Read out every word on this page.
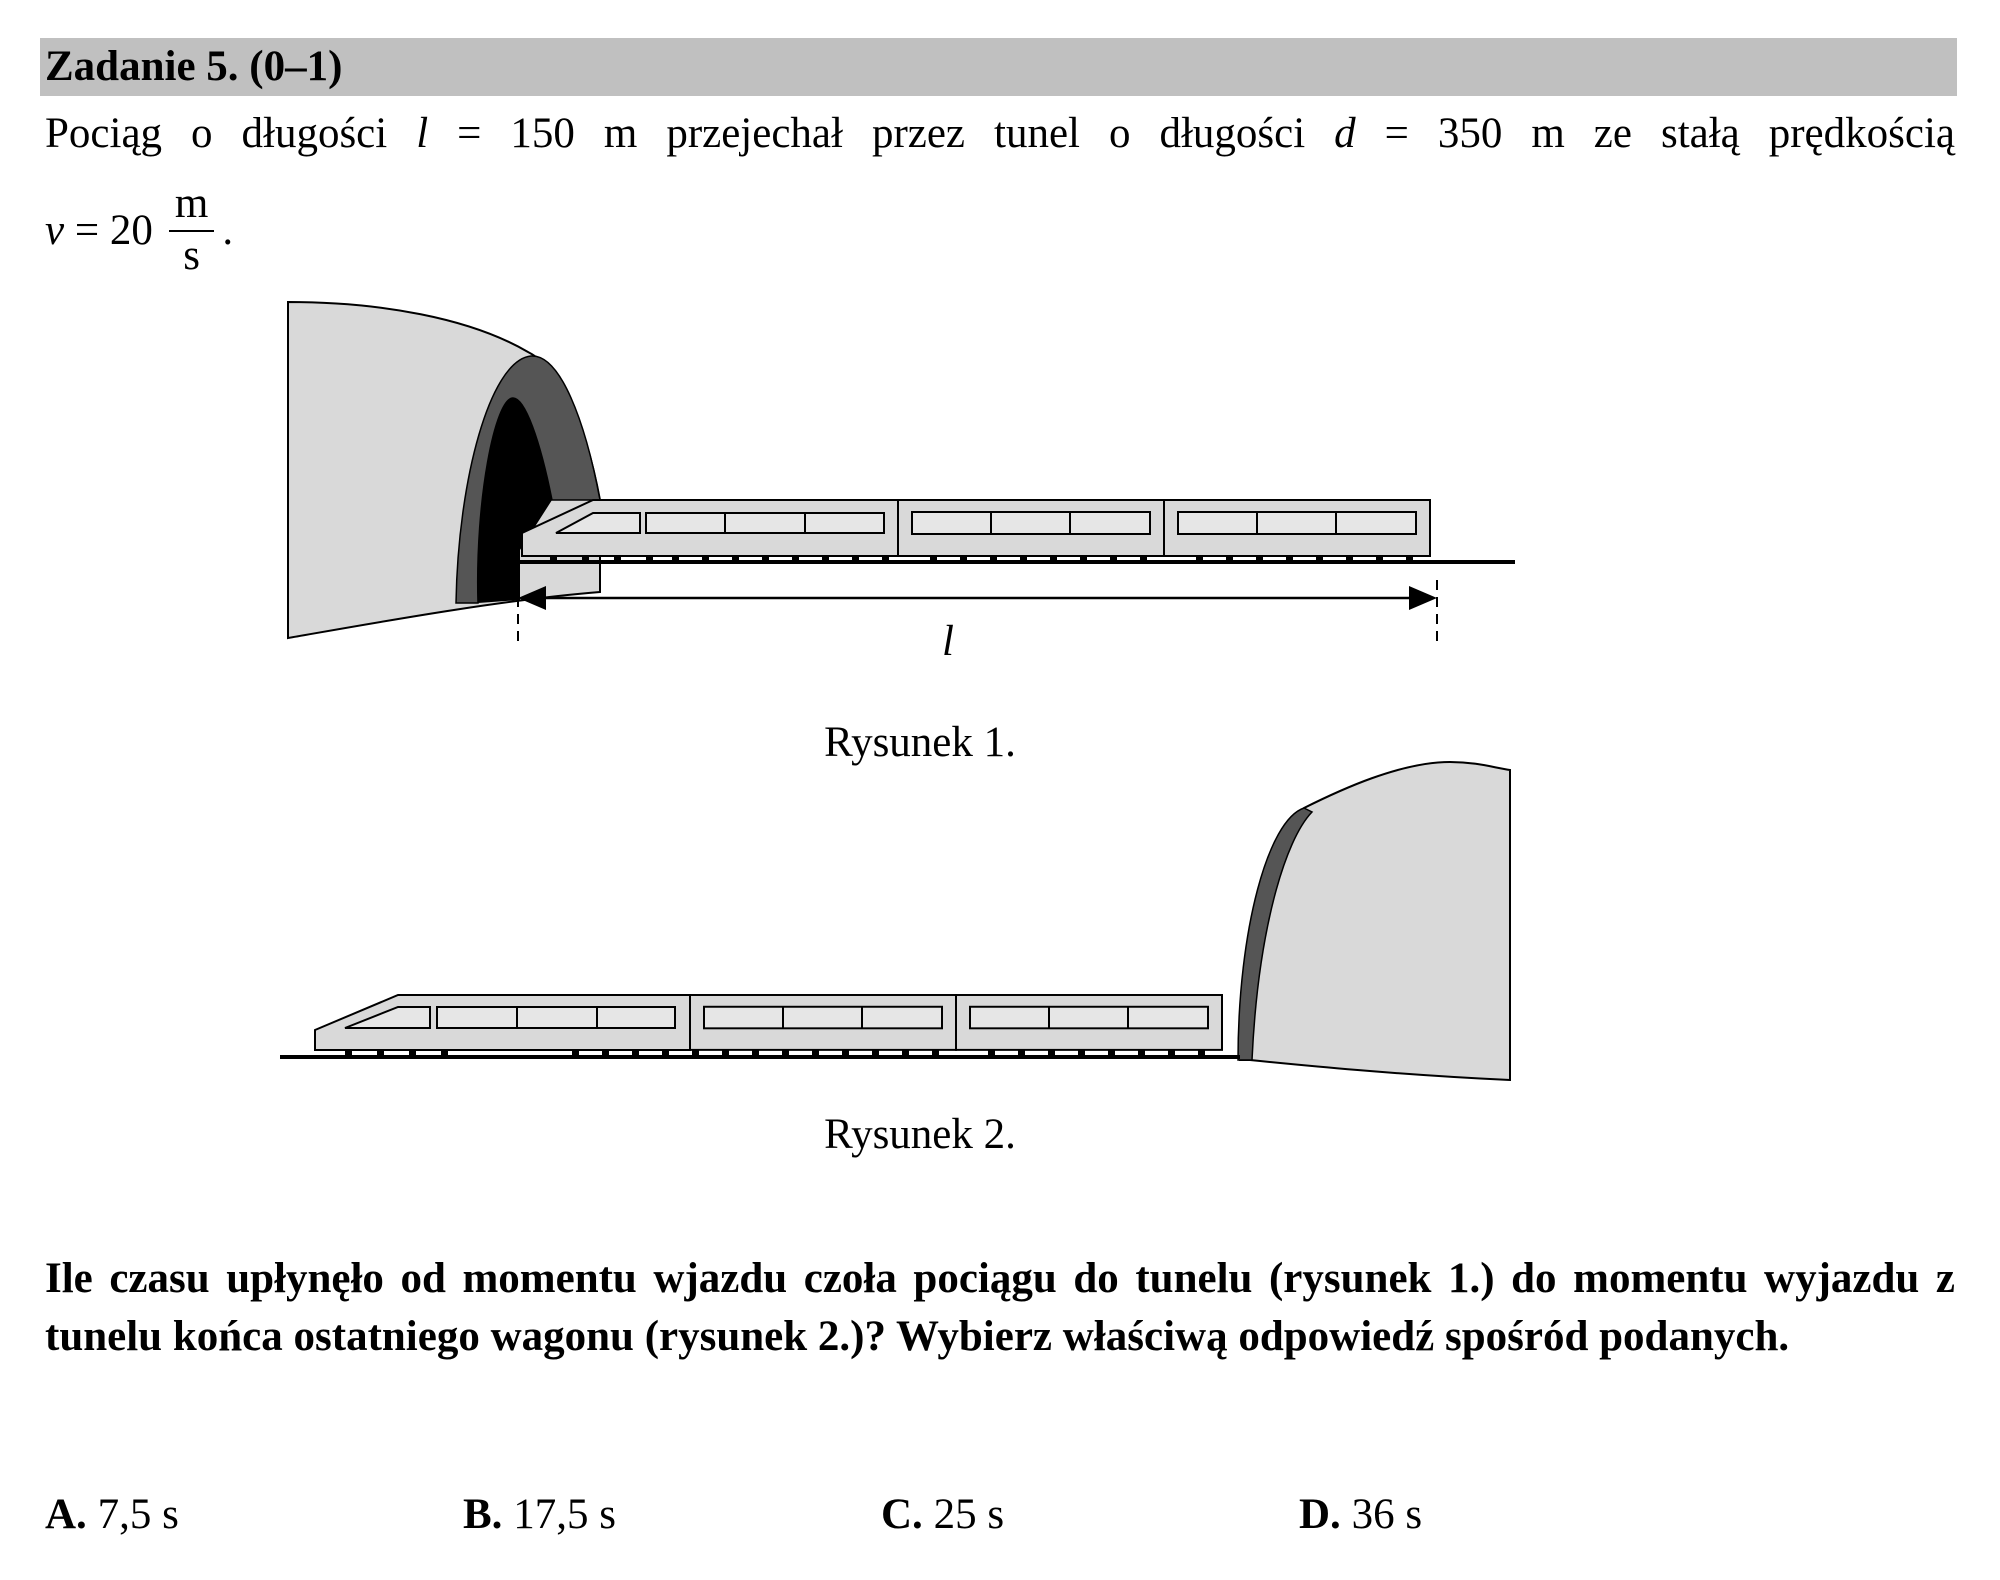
Zadanie 5. (0–1)
Pociąg o długości l = 150 m przejechał przez tunel o długości d = 350 m ze stałą prędkością
$v = 20 \frac{m}{s}$ .
l
Rysunek 1.
Rysunek 2.
Ile czasu upłynęło od momentu wjazdu czoła pociągu do tunelu (rysunek 1.) do momentu wyjazdu z tunelu końca ostatniego wagonu (rysunek 2.)? Wybierz właściwą odpowiedź spośród podanych.
A. 7,5 s	B. 17,5 s	C. 25 s	D. 36 s
